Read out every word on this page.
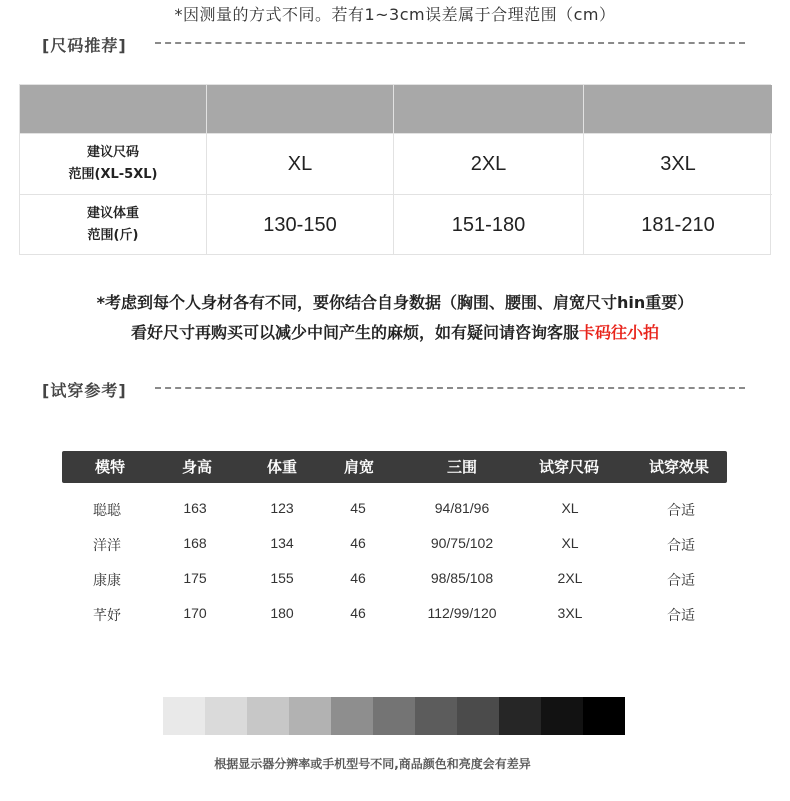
*因测量的方式不同。若有1~3cm误差属于合理范围（cm）
[尺码推荐]
建议尺码
范围(XL-5XL)	XL	2XL	3XL
建议体重
范围(斤)	130-150	151-180	181-210
*考虑到每个人身材各有不同，要你结合自身数据（胸围、腰围、肩宽尺寸hin重要）
看好尺寸再购买可以减少中间产生的麻烦，如有疑问请咨询客服卡码往小拍
[试穿参考]
模特	身高	体重	肩宽	三围	试穿尺码	试穿效果
聪聪	163	123	45	94/81/96	XL	合适
洋洋	168	134	46	90/75/102	XL	合适
康康	175	155	46	98/85/108	2XL	合适
芊妤	170	180	46	112/99/120	3XL	合适
根据显示器分辨率或手机型号不同,商品颜色和亮度会有差异
